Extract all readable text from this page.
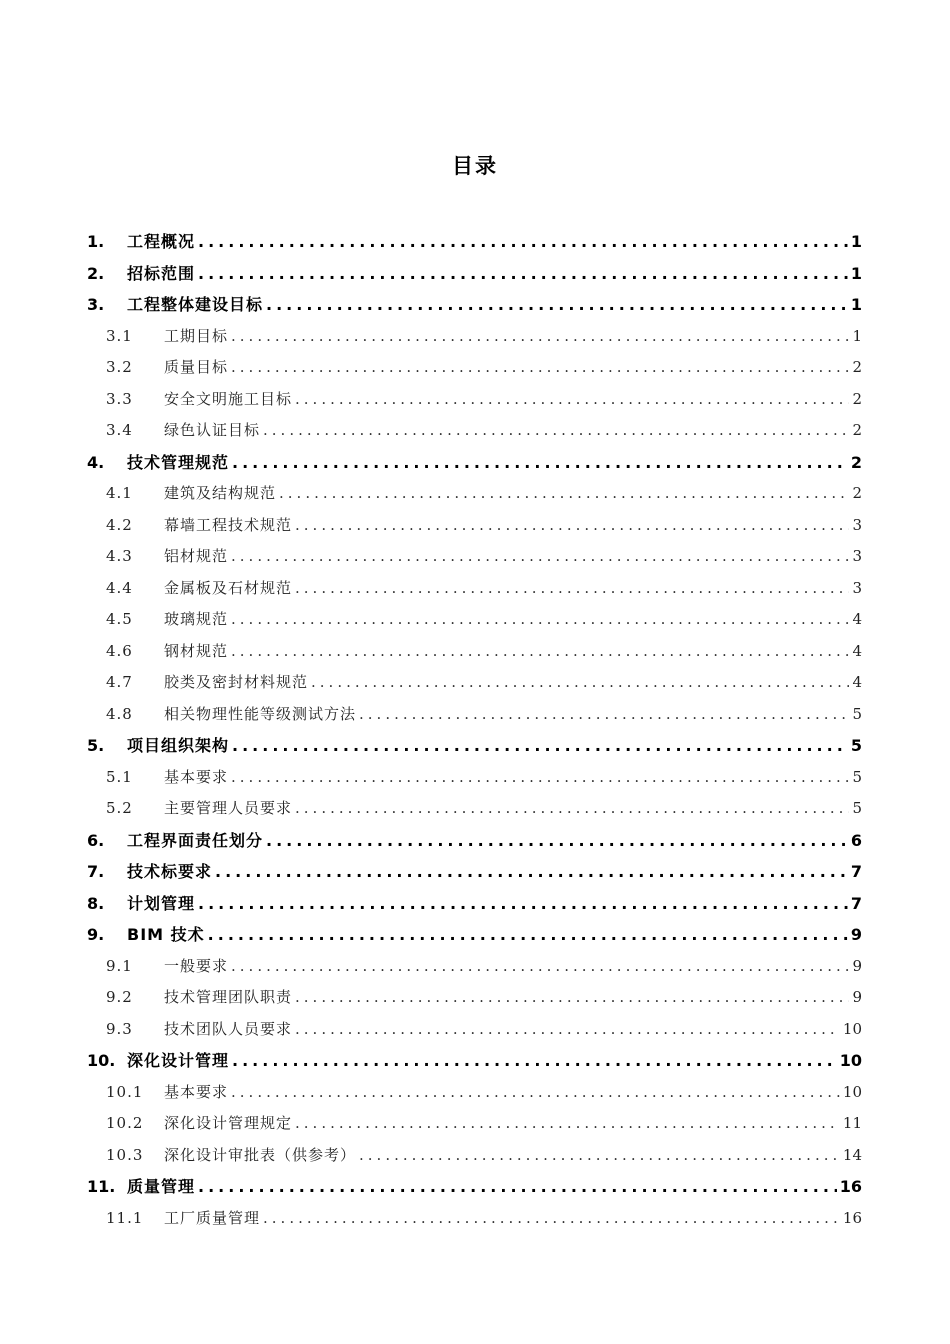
目录
1.	工程概况 .....	1
2.	招标范围 .....	1
3.	工程整体建设目标 .....	1
3.1	工期目标 .....	1
3.2	质量目标 .....	2
3.3	安全文明施工目标 .....	2
3.4	绿色认证目标 .....	2
4.	技术管理规范 .....	2
4.1	建筑及结构规范 .....	2
4.2	幕墙工程技术规范 .....	3
4.3	铝材规范 .....	3
4.4	金属板及石材规范 .....	3
4.5	玻璃规范 .....	4
4.6	钢材规范 .....	4
4.7	胶类及密封材料规范 .....	4
4.8	相关物理性能等级测试方法 .....	5
5.	项目组织架构 .....	5
5.1	基本要求 .....	5
5.2	主要管理人员要求 .....	5
6.	工程界面责任划分 .....	6
7.	技术标要求 .....	7
8.	计划管理 .....	7
9.	BIM 技术 .....	9
9.1	一般要求 .....	9
9.2	技术管理团队职责 .....	9
9.3	技术团队人员要求 .....	10
10. 深化设计管理 .....	10
10.1	基本要求 .....	10
10.2	深化设计管理规定 .....	11
10.3	深化设计审批表（供参考） .....	14
11. 质量管理 .....	16
11.1	工厂质量管理 .....	16
